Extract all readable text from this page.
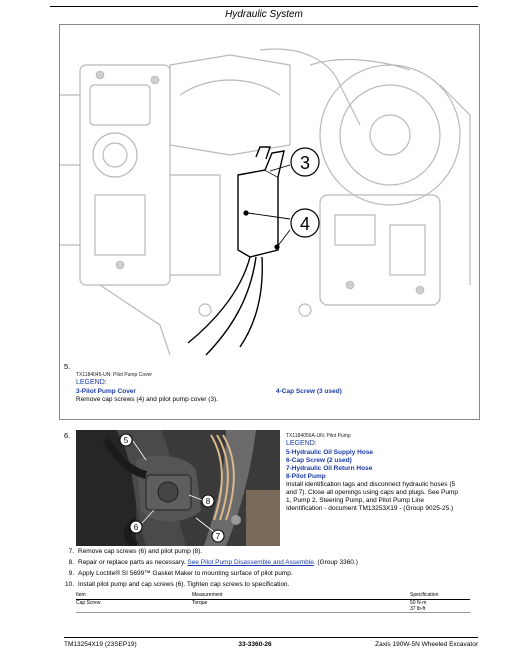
Hydraulic System
3
4
5.
TX1184045-UN: Pilot Pump Cover
LEGEND:
3-Pilot Pump Cover	4-Cap Screw (3 used)
Remove cap screws (4) and pilot pump cover (3).
6.
5
8
6
7
TX1184056A-UN: Pilot Pump
LEGEND:
5-Hydraulic Oil Supply Hose
6-Cap Screw (2 used)
7-Hydraulic Oil Return Hose
8-Pilot Pump
Install identification tags and disconnect hydraulic hoses (5
and 7). Close all openings using caps and plugs. See Pump
1, Pump 2, Steering Pump, and Pilot Pump Line
Identification - document TM13253X19 - (Group 9025-25.)
7. Remove cap screws (6) and pilot pump (8).
8. Repair or replace parts as necessary. See Pilot Pump Disassemble and Assemble. (Group 3360.)
9. Apply Loctite® SI 5699™ Gasket Maker to mounting surface of pilot pump.
10. Install pilot pump and cap screws (6). Tighten cap screws to specification.
Item	Measurement	Specification
Cap Screw	Torque	50 N·m
37 lb-ft
TM13254X19 (23SEP19)	33-3360-26	Zaxis 190W-5N Wheeled Excavator
